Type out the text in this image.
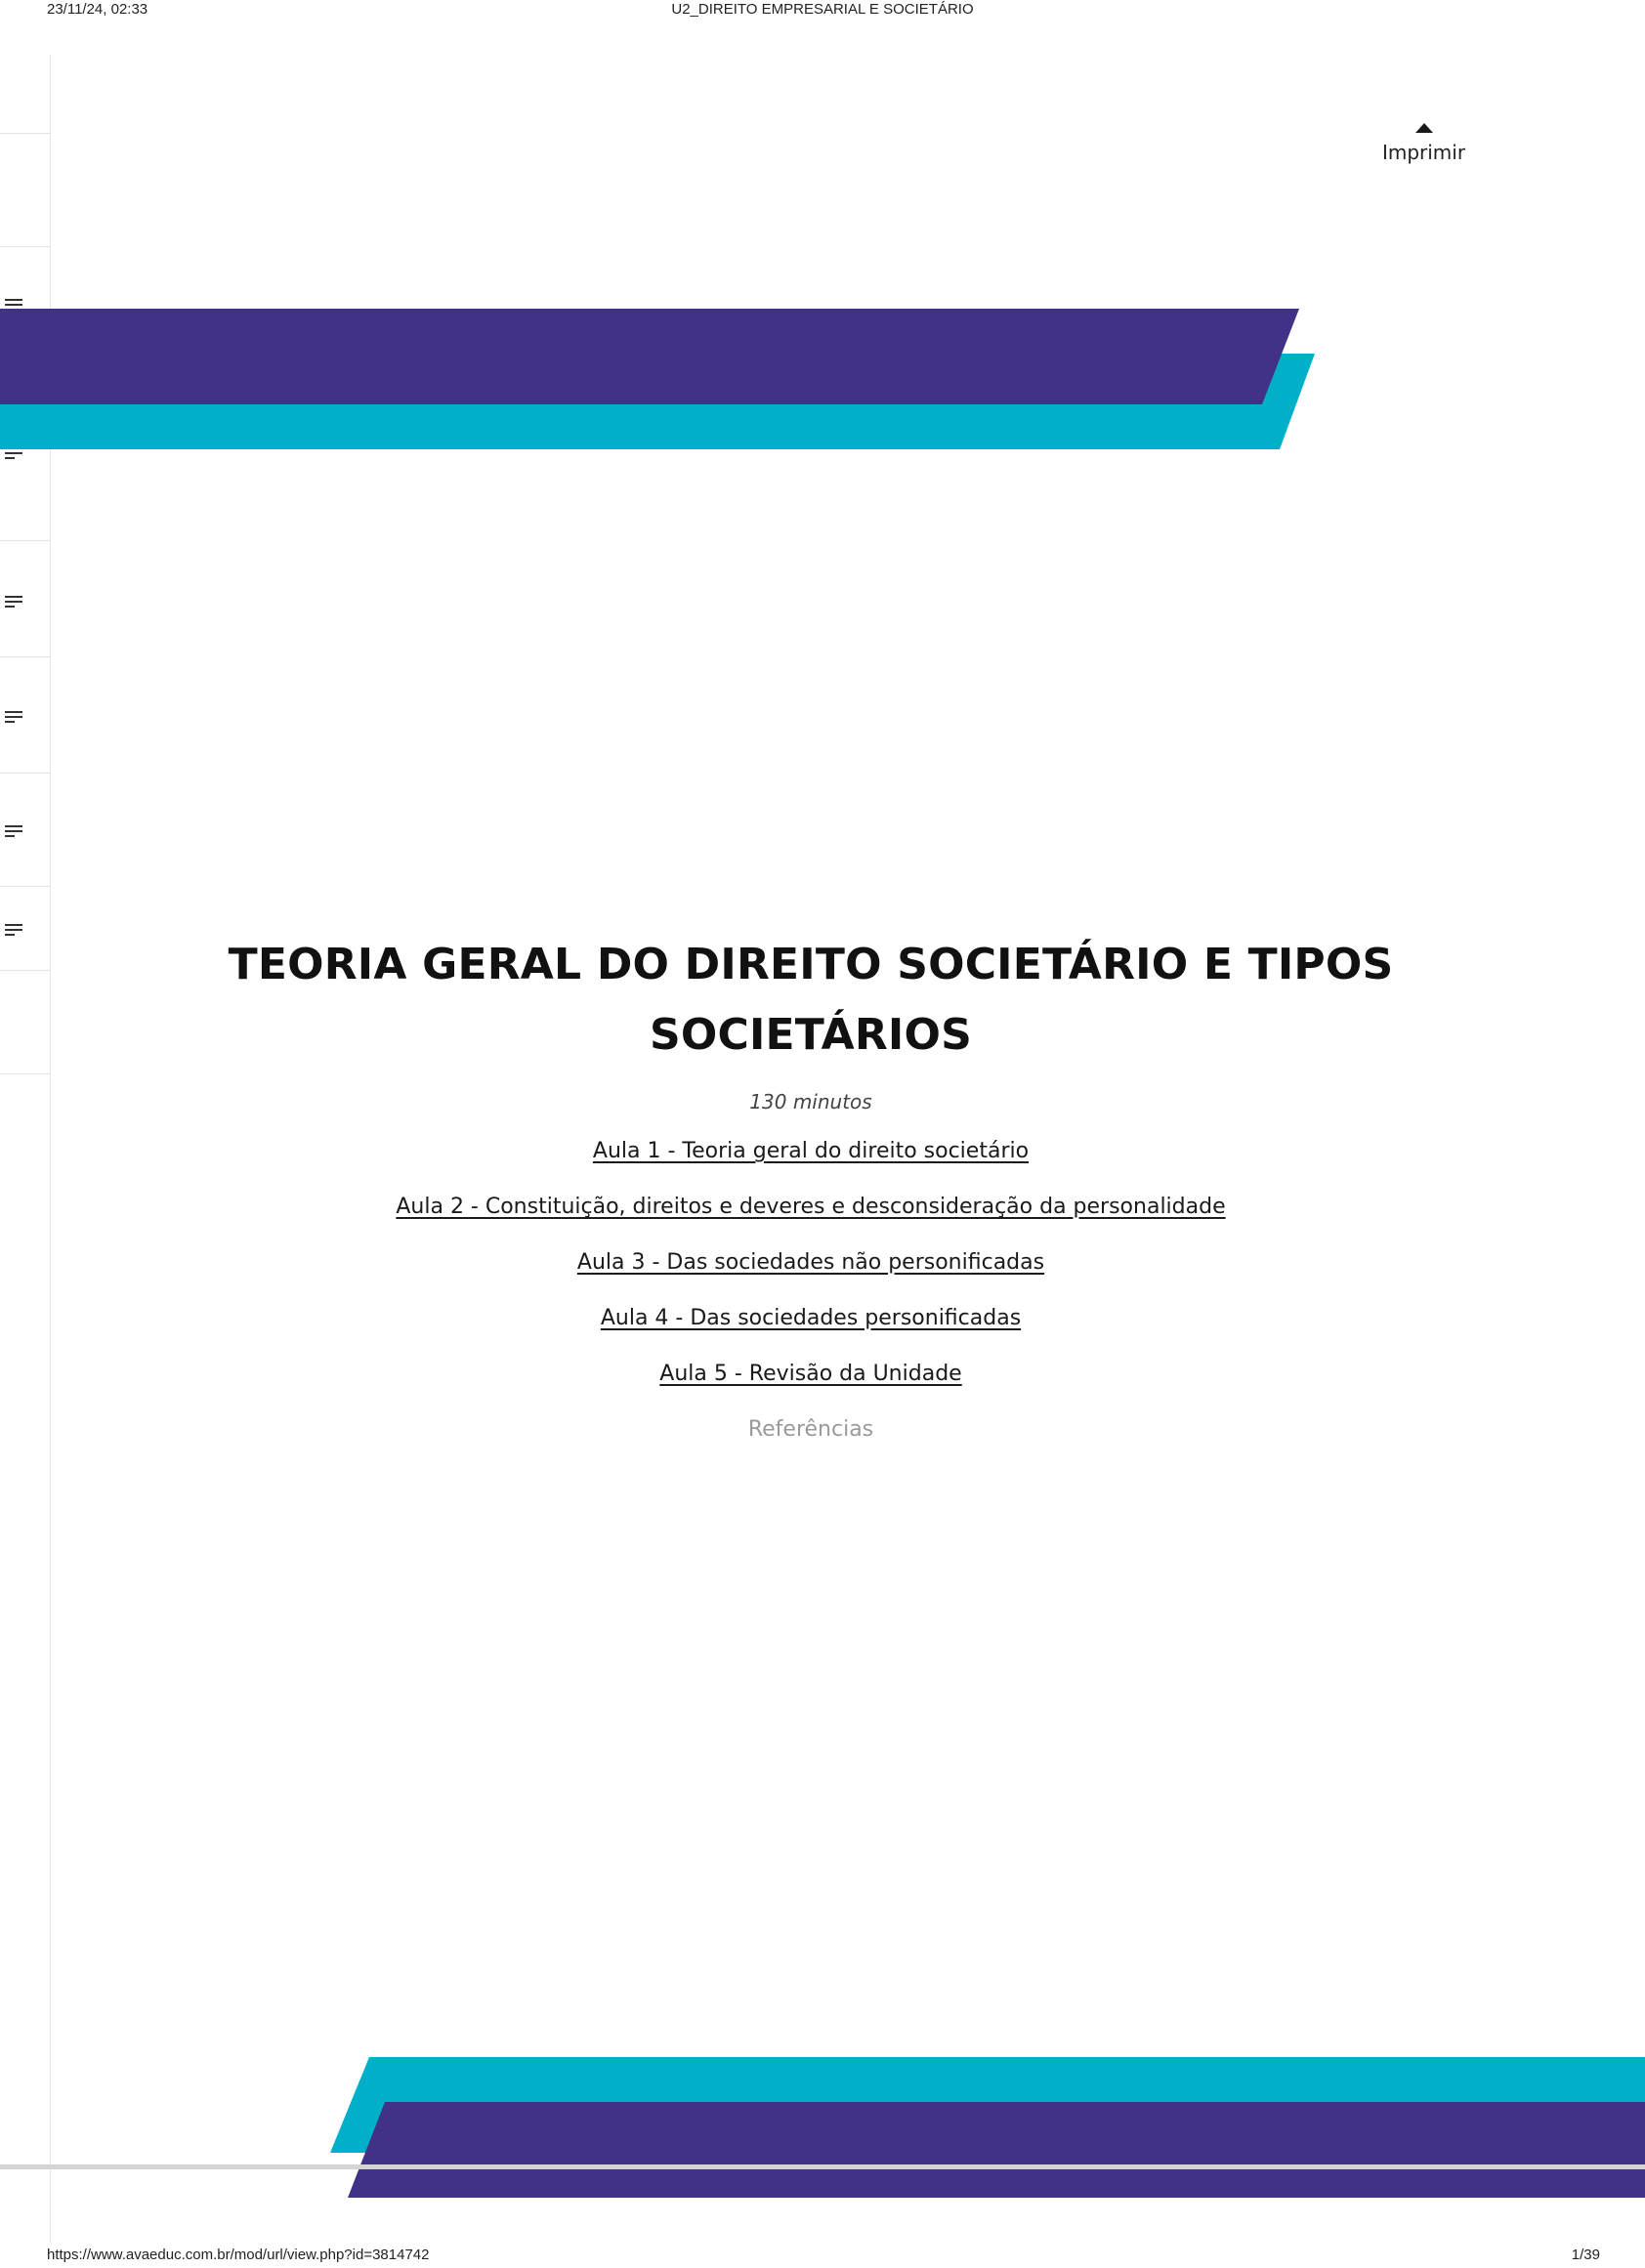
23/11/24, 02:33	U2_DIREITO EMPRESARIAL E SOCIETÁRIO
Imprimir
TEORIA GERAL DO DIREITO SOCIETÁRIO E TIPOS SOCIETÁRIOS
130 minutos
Aula 1 - Teoria geral do direito societário
Aula 2 - Constituição, direitos e deveres e desconsideração da personalidade
Aula 3 - Das sociedades não personificadas
Aula 4 - Das sociedades personificadas
Aula 5 - Revisão da Unidade
Referências
https://www.avaeduc.com.br/mod/url/view.php?id=3814742	1/39
